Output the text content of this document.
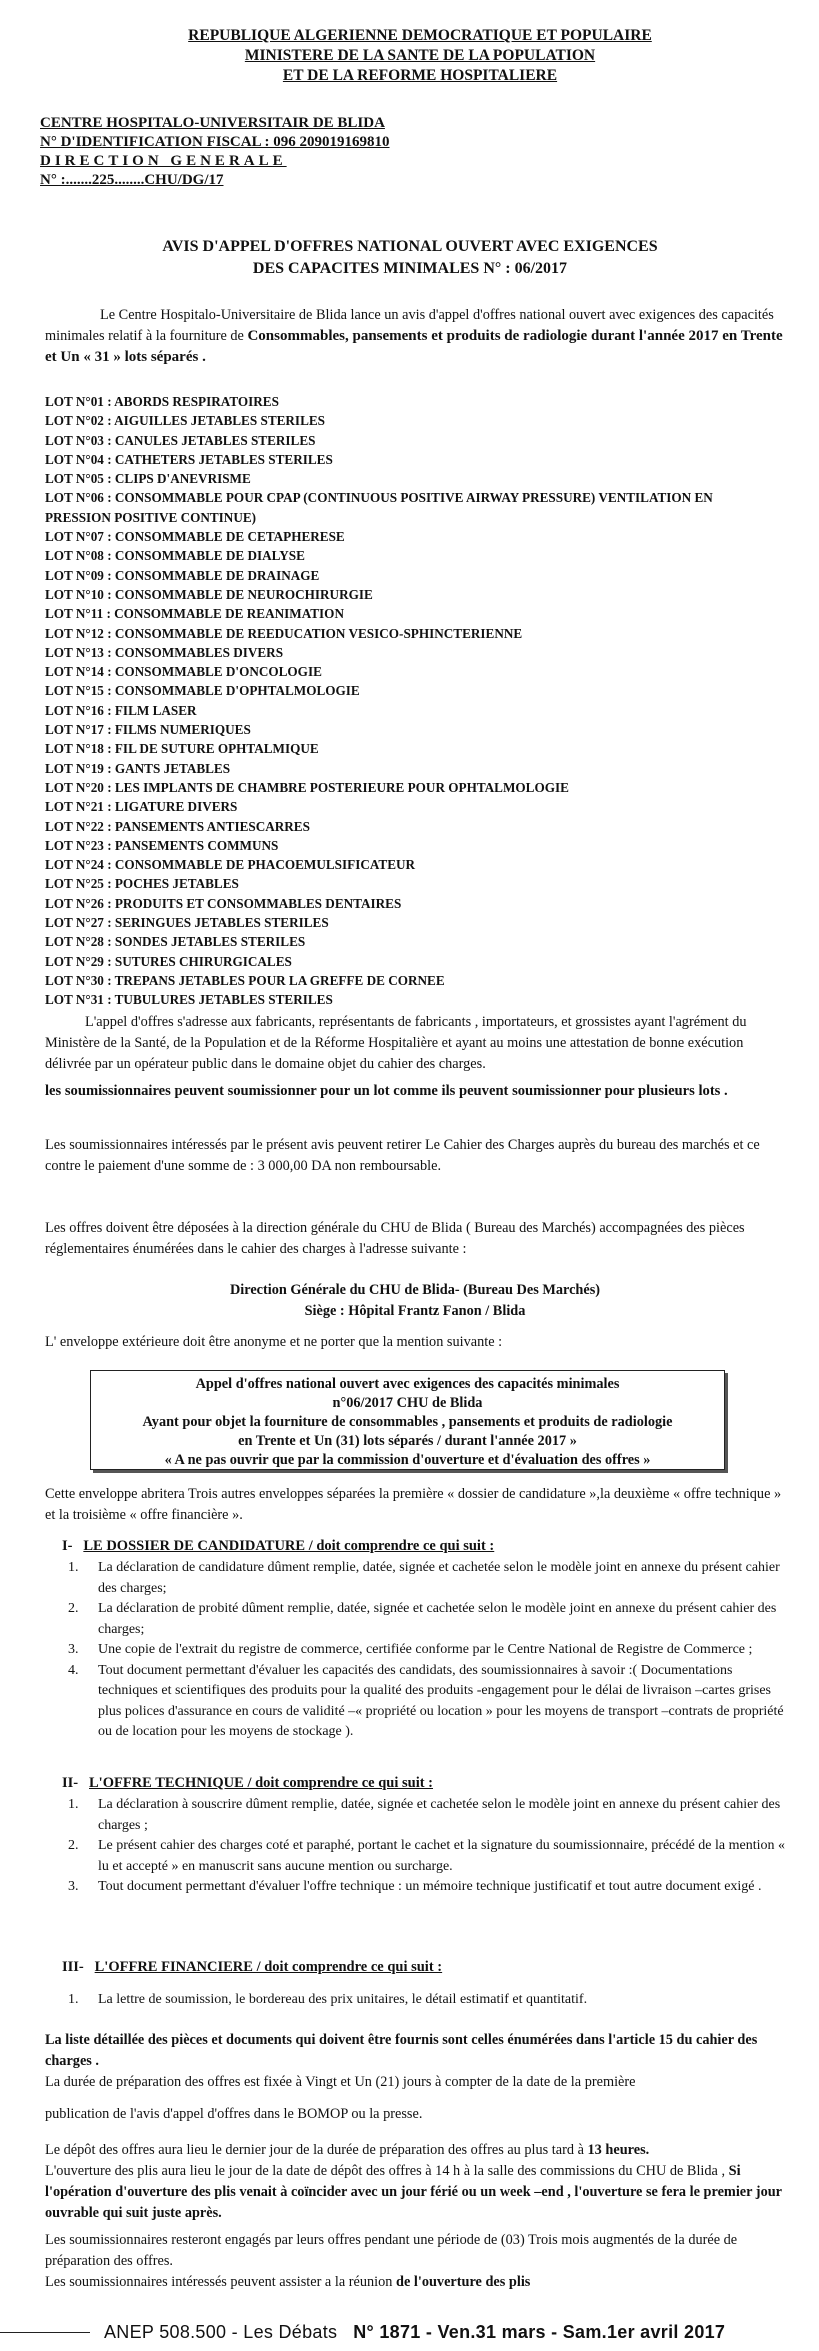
REPUBLIQUE ALGERIENNE DEMOCRATIQUE ET POPULAIRE
MINISTERE DE LA SANTE DE LA POPULATION
ET DE LA REFORME HOSPITALIERE
CENTRE HOSPITALO-UNIVERSITAIR DE BLIDA
N° D'IDENTIFICATION FISCAL : 096 209019169810
DIRECTION GENERALE
N° :.......225........CHU/DG/17
AVIS D'APPEL D'OFFRES NATIONAL OUVERT AVEC EXIGENCES
DES CAPACITES MINIMALES N° : 06/2017
Le Centre Hospitalo-Universitaire de Blida lance un avis d'appel d'offres national ouvert avec exigences des capacités minimales relatif à la fourniture de Consommables, pansements et produits de radiologie durant l'année 2017 en Trente et Un « 31 » lots séparés .
LOT N°01 : ABORDS RESPIRATOIRES
LOT N°02 : AIGUILLES JETABLES STERILES
LOT N°03 : CANULES JETABLES STERILES
LOT N°04 : CATHETERS JETABLES STERILES
LOT N°05 : CLIPS D'ANEVRISME
LOT N°06 : CONSOMMABLE POUR CPAP (CONTINUOUS POSITIVE AIRWAY PRESSURE) VENTILATION EN
PRESSION POSITIVE CONTINUE)
LOT N°07 : CONSOMMABLE DE CETAPHERESE
LOT N°08 : CONSOMMABLE DE DIALYSE
LOT N°09 : CONSOMMABLE DE DRAINAGE
LOT N°10 : CONSOMMABLE DE NEUROCHIRURGIE
LOT N°11 : CONSOMMABLE DE REANIMATION
LOT N°12 : CONSOMMABLE DE REEDUCATION VESICO-SPHINCTERIENNE
LOT N°13 : CONSOMMABLES DIVERS
LOT N°14 : CONSOMMABLE D'ONCOLOGIE
LOT N°15 : CONSOMMABLE D'OPHTALMOLOGIE
LOT N°16 : FILM LASER
LOT N°17 : FILMS NUMERIQUES
LOT N°18 : FIL DE SUTURE OPHTALMIQUE
LOT N°19 : GANTS JETABLES
LOT N°20 : LES IMPLANTS DE CHAMBRE POSTERIEURE POUR OPHTALMOLOGIE
LOT N°21 : LIGATURE DIVERS
LOT N°22 : PANSEMENTS ANTIESCARRES
LOT N°23 : PANSEMENTS COMMUNS
LOT N°24 : CONSOMMABLE DE PHACOEMULSIFICATEUR
LOT N°25 : POCHES JETABLES
LOT N°26 : PRODUITS ET CONSOMMABLES DENTAIRES
LOT N°27 : SERINGUES JETABLES STERILES
LOT N°28 : SONDES JETABLES STERILES
LOT N°29 : SUTURES CHIRURGICALES
LOT N°30 : TREPANS JETABLES POUR LA GREFFE DE CORNEE
LOT N°31 : TUBULURES JETABLES STERILES
L'appel d'offres s'adresse aux fabricants, représentants de fabricants , importateurs, et grossistes ayant l'agrément du Ministère de la Santé, de la Population et de la Réforme Hospitalière et ayant au moins une attestation de bonne exécution délivrée par un opérateur public dans le domaine objet du cahier des charges.
les soumissionnaires peuvent soumissionner pour un lot comme ils peuvent soumissionner pour plusieurs lots .
Les soumissionnaires intéressés par le présent avis peuvent retirer Le Cahier des Charges auprès du bureau des marchés et ce contre le paiement d'une somme de : 3 000,00 DA non remboursable.
Les offres doivent être déposées à la direction générale du CHU de Blida ( Bureau des Marchés) accompagnées des pièces réglementaires énumérées dans le cahier des charges à l'adresse suivante :
Direction Générale du CHU de Blida- (Bureau Des Marchés)
Siège : Hôpital Frantz Fanon / Blida
L' enveloppe extérieure doit être anonyme et ne porter que la mention suivante :
Appel d'offres national ouvert avec exigences des capacités minimales
n°06/2017 CHU de Blida
Ayant pour objet la fourniture de consommables , pansements et produits de radiologie
en Trente et Un (31) lots séparés / durant l'année 2017 »
« A ne pas ouvrir que par la commission d'ouverture et d'évaluation des offres »
Cette enveloppe abritera Trois autres enveloppes séparées la première « dossier de candidature »,la deuxième « offre technique » et la troisième « offre financière ».
I- LE DOSSIER DE CANDIDATURE / doit comprendre ce qui suit :
1. La déclaration de candidature dûment remplie, datée, signée et cachetée selon le modèle joint en annexe du présent cahier des charges;
2. La déclaration de probité dûment remplie, datée, signée et cachetée selon le modèle joint en annexe du présent cahier des charges;
3. Une copie de l'extrait du registre de commerce, certifiée conforme par le Centre National de Registre de Commerce ;
4. Tout document permettant d'évaluer les capacités des candidats, des soumissionnaires à savoir :( Documentations techniques et scientifiques des produits pour la qualité des produits -engagement pour le délai de livraison –cartes grises plus polices d'assurance en cours de validité –« propriété ou location » pour les moyens de transport –contrats de propriété ou de location pour les moyens de stockage ).
II- L'OFFRE TECHNIQUE / doit comprendre ce qui suit :
1. La déclaration à souscrire dûment remplie, datée, signée et cachetée selon le modèle joint en annexe du présent cahier des charges ;
2. Le présent cahier des charges coté et paraphé, portant le cachet et la signature du soumissionnaire, précédé de la mention « lu et accepté » en manuscrit sans aucune mention ou surcharge.
3. Tout document permettant d'évaluer l'offre technique : un mémoire technique justificatif et tout autre document exigé .
III- L'OFFRE FINANCIERE / doit comprendre ce qui suit :
1. La lettre de soumission, le bordereau des prix unitaires, le détail estimatif et quantitatif.
La liste détaillée des pièces et documents qui doivent être fournis sont celles énumérées dans l'article 15 du cahier des charges .
La durée de préparation des offres est fixée à Vingt et Un (21) jours à compter de la date de la première
publication de l'avis d'appel d'offres dans le BOMOP ou la presse.
Le dépôt des offres aura lieu le dernier jour de la durée de préparation des offres au plus tard à 13 heures.
L'ouverture des plis aura lieu le jour de la date de dépôt des offres à 14 h à la salle des commissions du CHU de Blida , Si l'opération d'ouverture des plis venait à coïncider avec un jour férié ou un week –end , l'ouverture se fera le premier jour ouvrable qui suit juste après.
Les soumissionnaires resteront engagés par leurs offres pendant une période de (03) Trois mois augmentés de la durée de préparation des offres.
Les soumissionnaires intéressés peuvent assister a la réunion de l'ouverture des plis
ANEP 508.500 - Les Débats N° 1871 - Ven.31 mars - Sam.1er avril 2017
